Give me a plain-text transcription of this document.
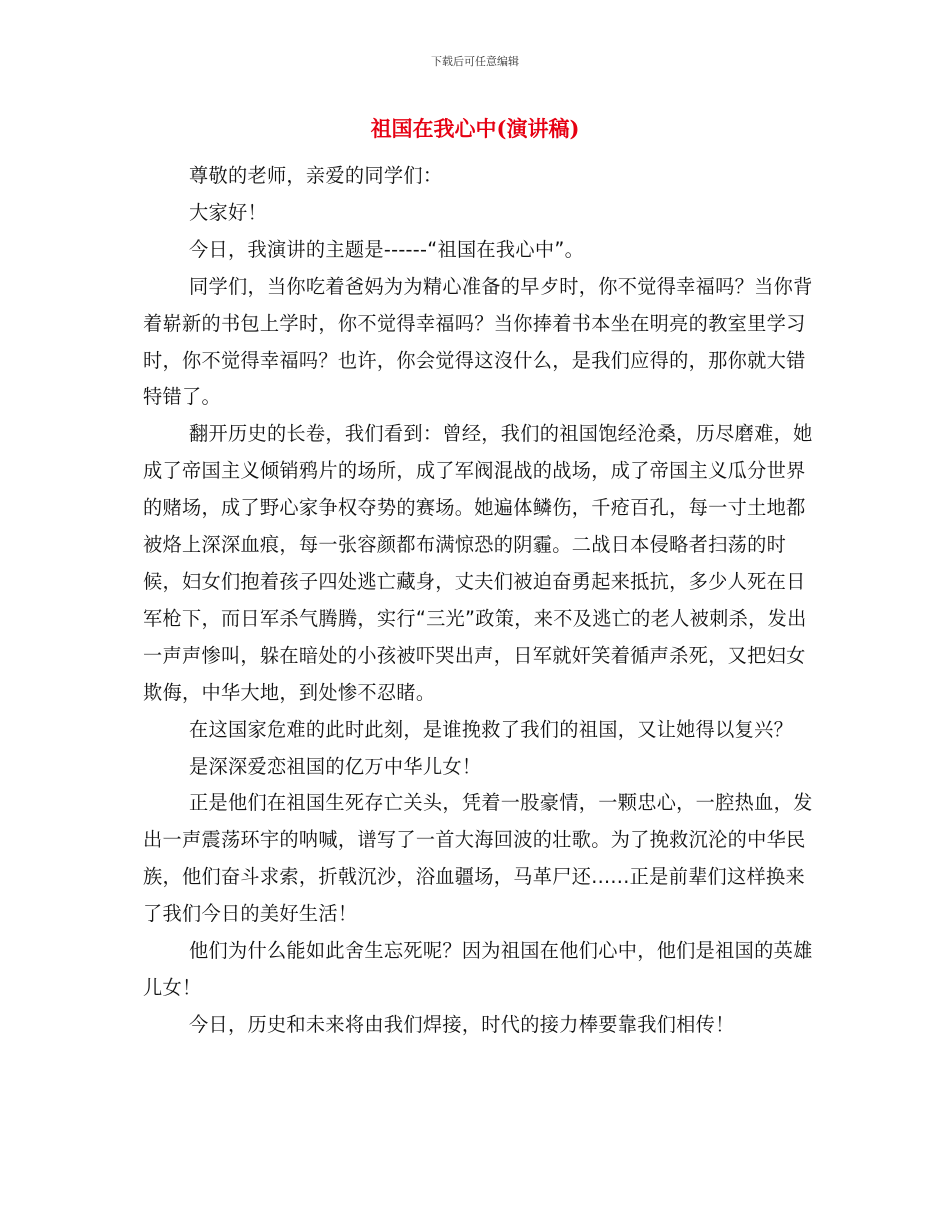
下载后可任意编辑
祖国在我心中(演讲稿)

尊敬的老师，亲爱的同学们：

大家好！

今日，我演讲的主题是------“祖国在我心中”。

同学们，当你吃着爸妈为为精心准备的早歺时，你不觉得幸福吗？当你背着崭新的书包上学时，你不觉得幸福吗？当你捧着书本坐在明亮的教室里学习时，你不觉得幸福吗？也许，你会觉得这沒什么，是我们应得的，那你就大错特错了。

翻开历史的长卷，我们看到：曾经，我们的祖国饱经沧桑，历尽磨难，她成了帝国主义倾销鸦片的场所，成了军阀混战的战场，成了帝国主义瓜分世界的赌场，成了野心家争权夺势的赛场。她遍体鳞伤，千疮百孔，每一寸土地都被烙上深深血痕，每一张容颜都布满惊恐的阴霾。二战日本侵略者扫荡的时候，妇女们抱着孩子四处逃亡藏身，丈夫们被迫奋勇起来抵抗，多少人死在日军枪下，而日军杀气腾腾，实行“三光”政策，来不及逃亡的老人被刺杀，发出一声声惨叫，躲在暗处的小孩被吓哭出声，日军就奸笑着循声杀死，又把妇女欺侮，中华大地，到处惨不忍睹。

在这国家危难的此时此刻，是谁挽救了我们的祖国，又让她得以复兴？

是深深爱恋祖国的亿万中华儿女！

正是他们在祖国生死存亡关头，凭着一股豪情，一颗忠心，一腔热血，发出一声震荡环宇的呐喊，谱写了一首大海回波的壮歌。为了挽救沉沦的中华民族，他们奋斗求索，折戟沉沙，浴血疆场，马革尸还......正是前辈们这样换来了我们今日的美好生活！

他们为什么能如此舍生忘死呢？因为祖国在他们心中，他们是祖国的英雄儿女！

今日，历史和未来将由我们焊接，时代的接力棒要靠我们相传！
